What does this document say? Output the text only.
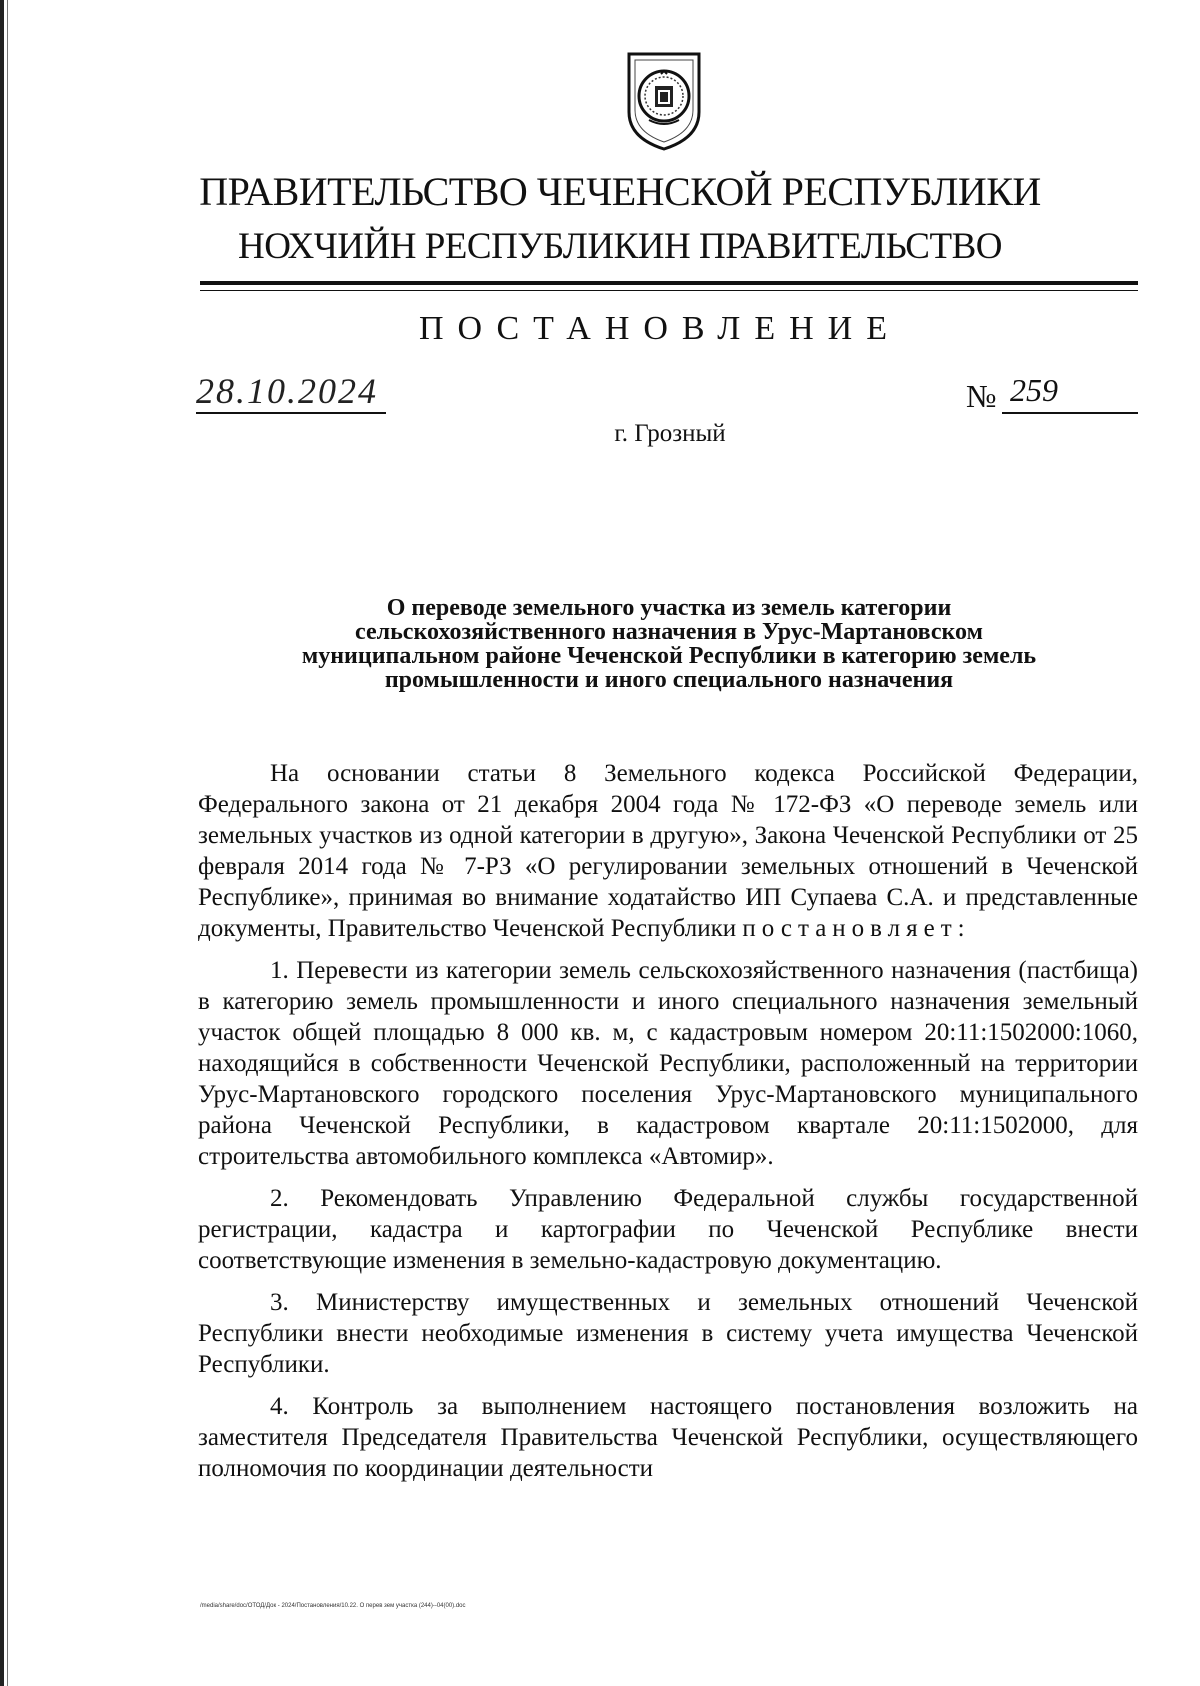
ПРАВИТЕЛЬСТВО ЧЕЧЕНСКОЙ РЕСПУБЛИКИ
НОХЧИЙН РЕСПУБЛИКИН ПРАВИТЕЛЬСТВО
ПОСТАНОВЛЕНИЕ
28.10.2024	№ 259
г. Грозный
О переводе земельного участка из земель категории
сельскохозяйственного назначения в Урус-Мартановском
муниципальном районе Чеченской Республики в категорию земель
промышленности и иного специального назначения

На основании статьи 8 Земельного кодекса Российской Федерации, Федерального закона от 21 декабря 2004 года № 172-ФЗ «О переводе земель или земельных участков из одной категории в другую», Закона Чеченской Республики от 25 февраля 2014 года № 7-РЗ «О регулировании земельных отношений в Чеченской Республике», принимая во внимание ходатайство ИП Супаева С.А. и представленные документы, Правительство Чеченской Республики постановляет:

1. Перевести из категории земель сельскохозяйственного назначения (пастбища) в категорию земель промышленности и иного специального назначения земельный участок общей площадью 8 000 кв. м, с кадастровым номером 20:11:1502000:1060, находящийся в собственности Чеченской Республики, расположенный на территории Урус-Мартановского городского поселения Урус-Мартановского муниципального района Чеченской Республики, в кадастровом квартале 20:11:1502000, для строительства автомобильного комплекса «Автомир».

2. Рекомендовать Управлению Федеральной службы государственной регистрации, кадастра и картографии по Чеченской Республике внести соответствующие изменения в земельно-кадастровую документацию.

3. Министерству имущественных и земельных отношений Чеченской Республики внести необходимые изменения в систему учета имущества Чеченской Республики.

4. Контроль за выполнением настоящего постановления возложить на заместителя Председателя Правительства Чеченской Республики, осуществляющего полномочия по координации деятельности

/media/share/doc/ОТОД/Док - 2024/Постановления/10.22. О перев зем участка (244)--04(00).doc
